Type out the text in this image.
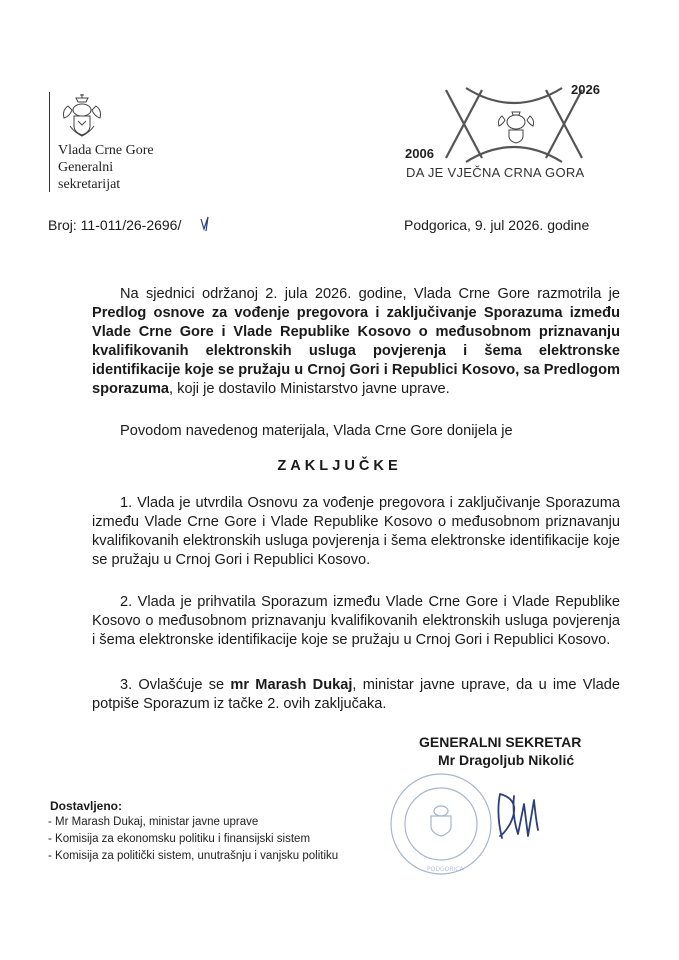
Vlada Crne Gore
Generalni
sekretarijat
2026
2006
DA JE VJEČNA CRNA GORA
Broj: 11-011/26-2696/	Podgorica, 9. jul 2026. godine
Na sjednici održanoj 2. jula 2026. godine, Vlada Crne Gore razmotrila je Predlog osnove za vođenje pregovora i zaključivanje Sporazuma između Vlade Crne Gore i Vlade Republike Kosovo o međusobnom priznavanju kvalifikovanih elektronskih usluga povjerenja i šema elektronske identifikacije koje se pružaju u Crnoj Gori i Republici Kosovo, sa Predlogom sporazuma, koji je dostavilo Ministarstvo javne uprave.
Povodom navedenog materijala, Vlada Crne Gore donijela je
ZAKLJUČKE
1. Vlada je utvrdila Osnovu za vođenje pregovora i zaključivanje Sporazuma između Vlade Crne Gore i Vlade Republike Kosovo o međusobnom priznavanju kvalifikovanih elektronskih usluga povjerenja i šema elektronske identifikacije koje se pružaju u Crnoj Gori i Republici Kosovo.
2. Vlada je prihvatila Sporazum između Vlade Crne Gore i Vlade Republike Kosovo o međusobnom priznavanju kvalifikovanih elektronskih usluga povjerenja i šema elektronske identifikacije koje se pružaju u Crnoj Gori i Republici Kosovo.
3. Ovlašćuje se mr Marash Dukaj, ministar javne uprave, da u ime Vlade potpiše Sporazum iz tačke 2. ovih zaključaka.
GENERALNI SEKRETAR
Mr Dragoljub Nikolić
PODGORICA
Dostavljeno:
- Mr Marash Dukaj, ministar javne uprave
- Komisija za ekonomsku politiku i finansijski sistem
- Komisija za politički sistem, unutrašnju i vanjsku politiku
